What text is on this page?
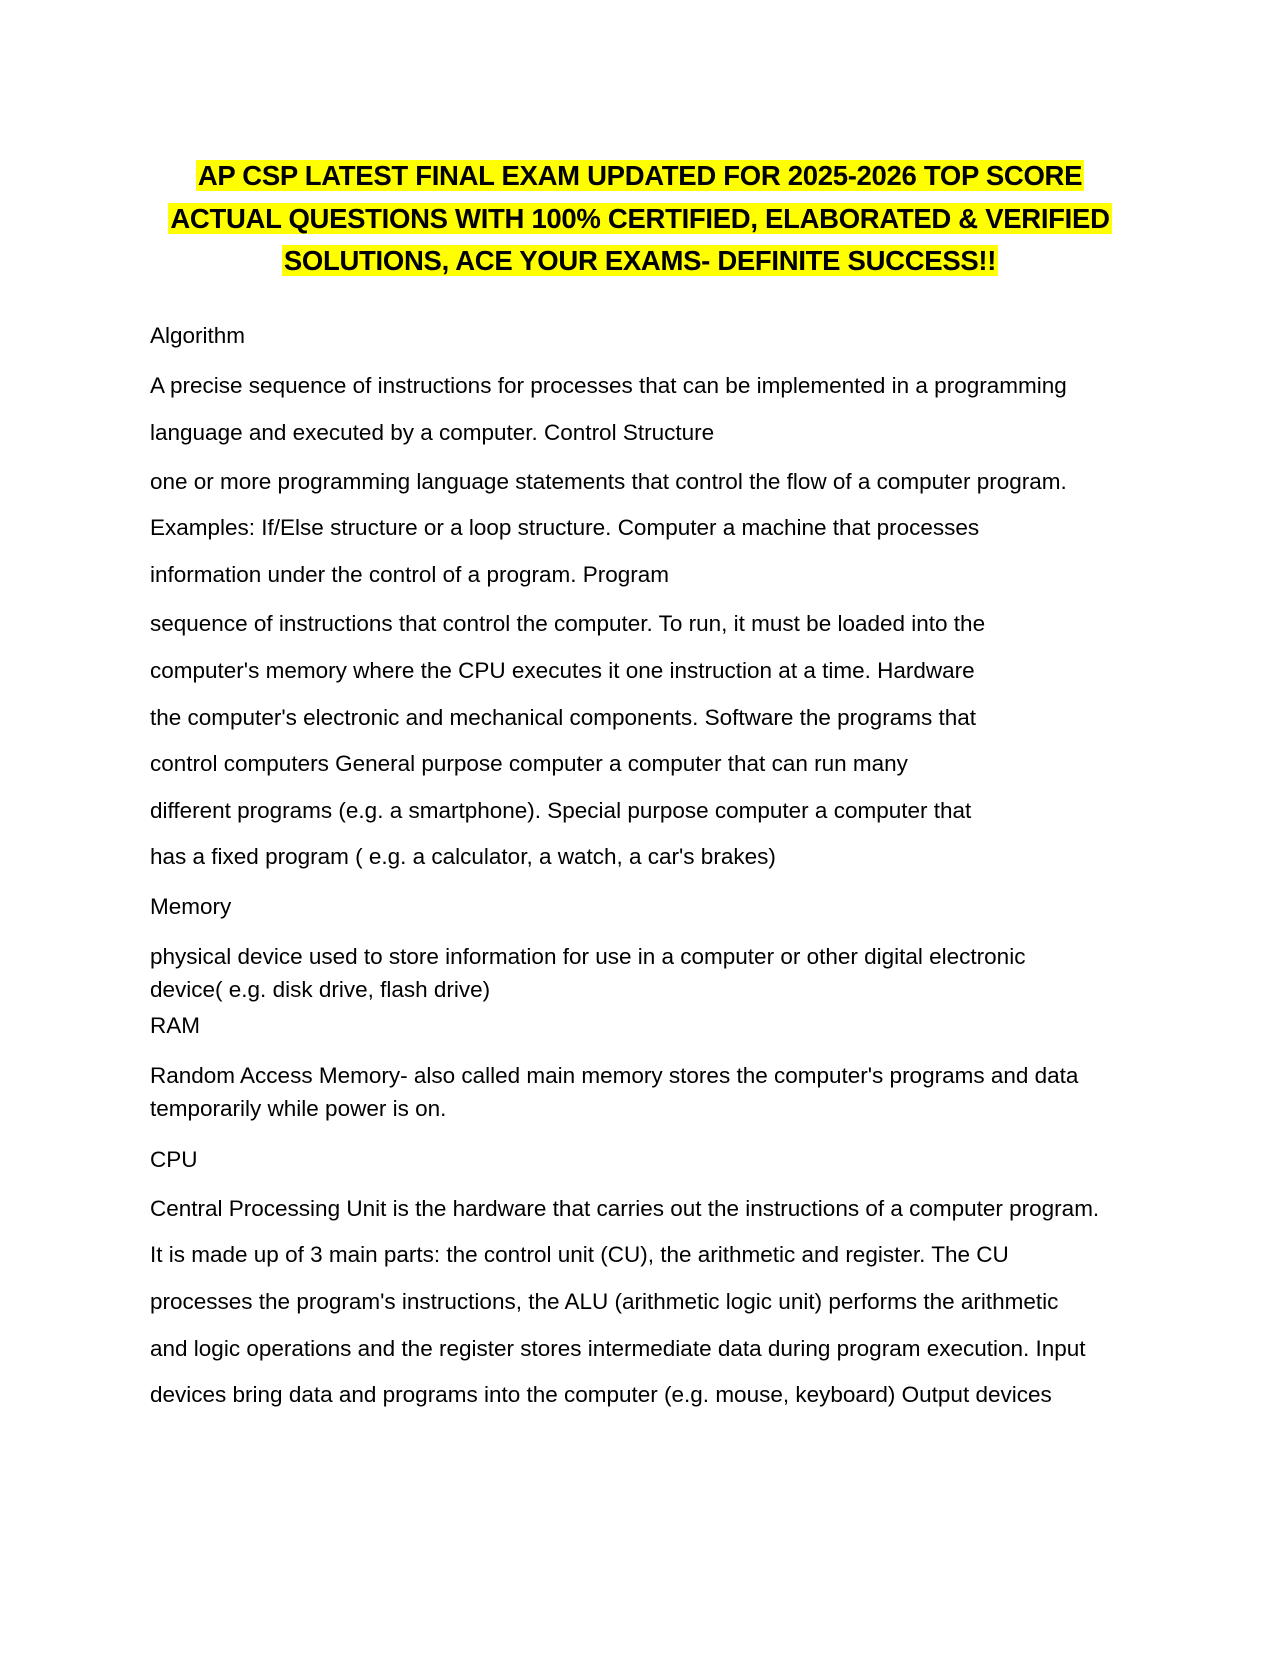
AP CSP LATEST FINAL EXAM UPDATED FOR 2025-2026 TOP SCORE
ACTUAL QUESTIONS WITH 100% CERTIFIED, ELABORATED & VERIFIED
SOLUTIONS, ACE YOUR EXAMS- DEFINITE SUCCESS!!
Algorithm
A precise sequence of instructions for processes that can be implemented in a programming
language and executed by a computer. Control Structure
one or more programming language statements that control the flow of a computer program.
Examples: If/Else structure or a loop structure. Computer a machine that processes
information under the control of a program. Program
sequence of instructions that control the computer. To run, it must be loaded into the
computer's memory where the CPU executes it one instruction at a time. Hardware
the computer's electronic and mechanical components. Software the programs that
control computers General purpose computer a computer that can run many
different programs (e.g. a smartphone). Special purpose computer a computer that
has a fixed program ( e.g. a calculator, a watch, a car's brakes)
Memory
physical device used to store information for use in a computer or other digital electronic
device( e.g. disk drive, flash drive)
RAM
Random Access Memory- also called main memory stores the computer's programs and data
temporarily while power is on.
CPU
Central Processing Unit is the hardware that carries out the instructions of a computer program.
It is made up of 3 main parts: the control unit (CU), the arithmetic and register. The CU
processes the program's instructions, the ALU (arithmetic logic unit) performs the arithmetic
and logic operations and the register stores intermediate data during program execution. Input
devices bring data and programs into the computer (e.g. mouse, keyboard) Output devices
